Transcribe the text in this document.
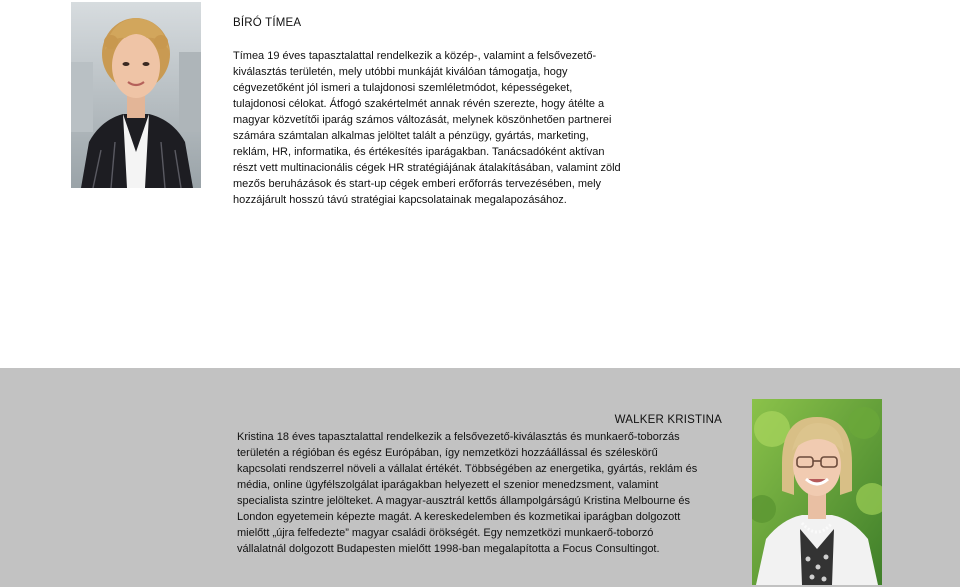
BÍRÓ TÍMEA

Tímea 19 éves tapasztalattal rendelkezik a közép-, valamint a felsővezető-
kiválasztás területén, mely utóbbi munkáját kiválóan támogatja, hogy
cégvezetőként jól ismeri a tulajdonosi szemléletmódot, képességeket,
tulajdonosi célokat. Átfogó szakértelmét annak révén szerezte, hogy átélte a
magyar közvetítői iparág számos változását, melynek köszönhetően partnerei
számára számtalan alkalmas jelöltet talált a pénzügy, gyártás, marketing,
reklám, HR, informatika, és értékesítés iparágakban. Tanácsadóként aktívan
részt vett multinacionális cégek HR stratégiájának átalakításában, valamint zöld
mezős beruházások és start-up cégek emberi erőforrás tervezésében, mely
hozzájárult hosszú távú stratégiai kapcsolatainak megalapozásához.

WALKER KRISTINA

Kristina 18 éves tapasztalattal rendelkezik a felsővezető-kiválasztás és munkaerő-toborzás
területén a régióban és egész Európában, így nemzetközi hozzáállással és széleskörű
kapcsolati rendszerrel növeli a vállalat értékét. Többségében az energetika, gyártás, reklám és
média, online ügyfélszolgálat iparágakban helyezett el szenior menedzsment, valamint
specialista szintre jelölteket. A magyar-ausztrál kettős állampolgárságú Kristina Melbourne és
London egyetemein képezte magát. A kereskedelemben és kozmetikai iparágban dolgozott
mielőtt „újra felfedezte” magyar családi örökségét. Egy nemzetközi munkaerő-toborzó
vállalatnál dolgozott Budapesten mielőtt 1998-ban megalapította a Focus Consultingot.
